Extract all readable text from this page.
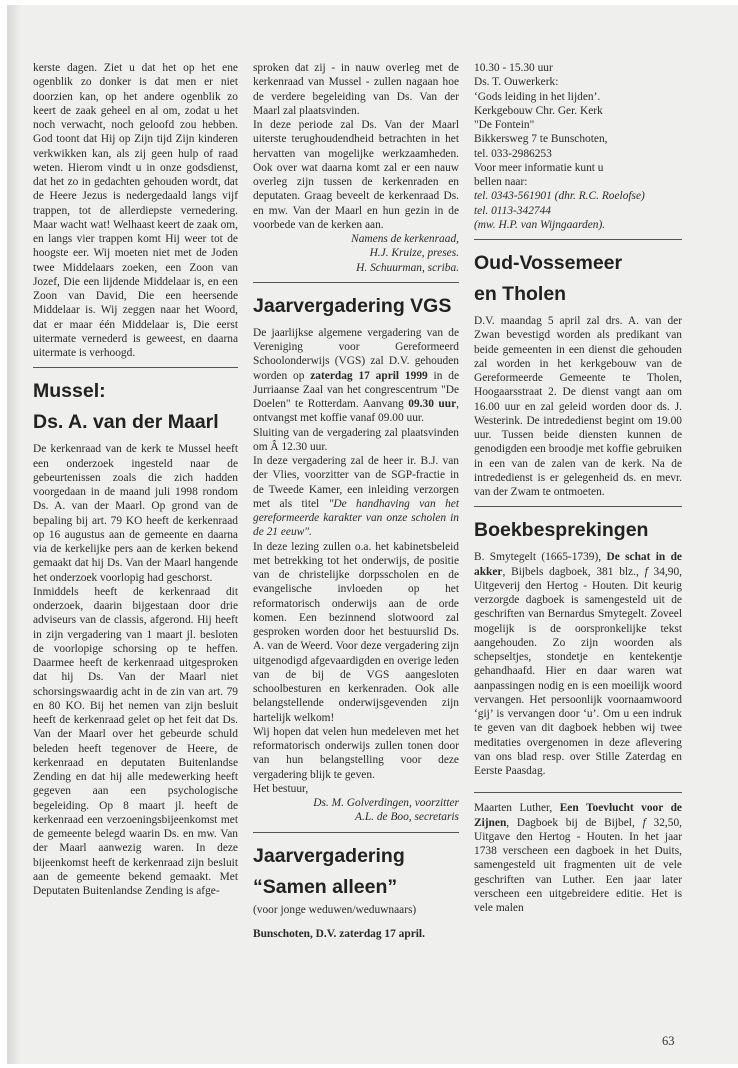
kerste dagen. Ziet u dat het op het ene ogenblik zo donker is dat men er niet doorzien kan, op het andere ogenblik zo keert de zaak geheel en al om, zodat u het noch verwacht, noch geloofd zou hebben. God toont dat Hij op Zijn tijd Zijn kinderen verkwikken kan, als zij geen hulp of raad weten. Hierom vindt u in onze godsdienst, dat het zo in gedachten gehouden wordt, dat de Heere Jezus is nedergedaald langs vijf trappen, tot de allerdiepste vernedering. Maar wacht wat! Welhaast keert de zaak om, en langs vier trappen komt Hij weer tot de hoogste eer. Wij moeten niet met de Joden twee Middelaars zoeken, een Zoon van Jozef, Die een lijdende Middelaar is, en een Zoon van David, Die een heersende Middelaar is. Wij zeggen naar het Woord, dat er maar één Middelaar is, Die eerst uitermate vernederd is geweest, en daarna uitermate is verhoogd.

Mussel:
Ds. A. van der Maarl

De kerkenraad van de kerk te Mussel heeft een onderzoek ingesteld naar de gebeurtenissen zoals die zich hadden voorgedaan in de maand juli 1998 rondom Ds. A. van der Maarl. Op grond van de bepaling bij art. 79 KO heeft de kerkenraad op 16 augustus aan de gemeente en daarna via de kerkelijke pers aan de kerken bekend gemaakt dat hij Ds. Van der Maarl hangende het onderzoek voorlopig had geschorst.

Inmiddels heeft de kerkenraad dit onderzoek, daarin bijgestaan door drie adviseurs van de classis, afgerond. Hij heeft in zijn vergadering van 1 maart jl. besloten de voorlopige schorsing op te heffen. Daarmee heeft de kerkenraad uitgesproken dat hij Ds. Van der Maarl niet schorsingswaardig acht in de zin van art. 79 en 80 KO. Bij het nemen van zijn besluit heeft de kerkenraad gelet op het feit dat Ds. Van der Maarl over het gebeurde schuld beleden heeft tegenover de Heere, de kerkenraad en deputaten Buitenlandse Zending en dat hij alle medewerking heeft gegeven aan een psychologische begeleiding. Op 8 maart jl. heeft de kerkenraad een verzoeningsbijeenkomst met de gemeente belegd waarin Ds. en mw. Van der Maarl aanwezig waren. In deze bijeenkomst heeft de kerkenraad zijn besluit aan de gemeente bekend gemaakt. Met Deputaten Buitenlandse Zending is afge-

sproken dat zij - in nauw overleg met de kerkenraad van Mussel - zullen nagaan hoe de verdere begeleiding van Ds. Van der Maarl zal plaatsvinden.

In deze periode zal Ds. Van der Maarl uiterste terughoudendheid betrachten in het hervatten van mogelijke werkzaamheden. Ook over wat daarna komt zal er een nauw overleg zijn tussen de kerkenraden en deputaten. Graag beveelt de kerkenraad Ds. en mw. Van der Maarl en hun gezin in de voorbede van de kerken aan.

Namens de kerkenraad,

H.J. Kruize, preses.

H. Schuurman, scriba.

Jaarvergadering VGS

De jaarlijkse algemene vergadering van de Vereniging voor Gereformeerd Schoolonderwijs (VGS) zal D.V. gehouden worden op zaterdag 17 april 1999 in de Jurriaanse Zaal van het congrescentrum "De Doelen" te Rotterdam. Aanvang 09.30 uur, ontvangst met koffie vanaf 09.00 uur.

Sluiting van de vergadering zal plaatsvinden om Â 12.30 uur.

In deze vergadering zal de heer ir. B.J. van der Vlies, voorzitter van de SGP-fractie in de Tweede Kamer, een inleiding verzorgen met als titel "De handhaving van het gereformeerde karakter van onze scholen in de 21 eeuw".

In deze lezing zullen o.a. het kabinetsbeleid met betrekking tot het onderwijs, de positie van de christelijke dorpsscholen en de evangelische invloeden op het reformatorisch onderwijs aan de orde komen. Een bezinnend slotwoord zal gesproken worden door het bestuurslid Ds. A. van de Weerd. Voor deze vergadering zijn uitgenodigd afgevaardigden en overige leden van de bij de VGS aangesloten schoolbesturen en kerkenraden. Ook alle belangstellende onderwijsgevenden zijn hartelijk welkom!

Wij hopen dat velen hun medeleven met het reformatorisch onderwijs zullen tonen door van hun belangstelling voor deze vergadering blijk te geven.

Het bestuur,

Ds. M. Golverdingen, voorzitter

A.L. de Boo, secretaris

Jaarvergadering
“Samen alleen”

(voor jonge weduwen/weduwnaars)

Bunschoten, D.V. zaterdag 17 april.

10.30 - 15.30 uur

Ds. T. Ouwerkerk:

‘Gods leiding in het lijden’.

Kerkgebouw Chr. Ger. Kerk

"De Fontein"

Bikkersweg 7 te Bunschoten,

tel. 033-2986253

Voor meer informatie kunt u

bellen naar:

tel. 0343-561901 (dhr. R.C. Roelofse)

tel. 0113-342744

(mw. H.P. van Wijngaarden).

Oud-Vossemeer
en Tholen

D.V. maandag 5 april zal drs. A. van der Zwan bevestigd worden als predikant van beide gemeenten in een dienst die gehouden zal worden in het kerkgebouw van de Gereformeerde Gemeente te Tholen, Hoogaarsstraat 2. De dienst vangt aan om 16.00 uur en zal geleid worden door ds. J. Westerink. De intrededienst begint om 19.00 uur. Tussen beide diensten kunnen de genodigden een broodje met koffie gebruiken in een van de zalen van de kerk. Na de intrededienst is er gelegenheid ds. en mevr. van der Zwam te ontmoeten.

Boekbesprekingen

B. Smytegelt (1665-1739), De schat in de akker, Bijbels dagboek, 381 blz., f 34,90, Uitgeverij den Hertog - Houten. Dit keurig verzorgde dagboek is samengesteld uit de geschriften van Bernardus Smytegelt. Zoveel mogelijk is de oorspronkelijke tekst aangehouden. Zo zijn woorden als schepseltjes, stondetje en kentekentje gehandhaafd. Hier en daar waren wat aanpassingen nodig en is een moeilijk woord vervangen. Het persoonlijk voornaamwoord ‘gij’ is vervangen door ‘u’. Om u een indruk te geven van dit dagboek hebben wij twee meditaties overgenomen in deze aflevering van ons blad resp. over Stille Zaterdag en Eerste Paasdag.

Maarten Luther, Een Toevlucht voor de Zijnen, Dagboek bij de Bijbel, f 32,50, Uitgave den Hertog - Houten. In het jaar 1738 verscheen een dagboek in het Duits, samengesteld uit fragmenten uit de vele geschriften van Luther. Een jaar later verscheen een uitgebreidere editie. Het is vele malen

63
